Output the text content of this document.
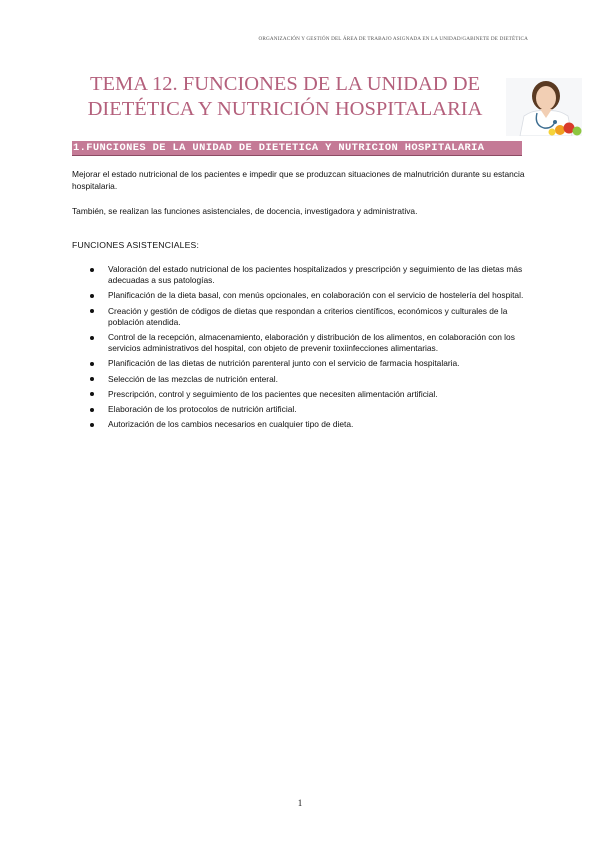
ORGANIZACIÓN Y GESTIÓN DEL ÁREA DE TRABAJO ASIGNADA EN LA UNIDAD/GABINETE DE DIETÉTICA
TEMA 12. FUNCIONES DE LA UNIDAD DE
DIETÉTICA Y NUTRICIÓN HOSPITALARIA
1.FUNCIONES DE LA UNIDAD DE DIETETICA Y NUTRICION HOSPITALARIA

Mejorar el estado nutricional de los pacientes e impedir que se produzcan situaciones de malnutrición durante su estancia hospitalaria.

También, se realizan las funciones asistenciales, de docencia, investigadora y administrativa.

FUNCIONES ASISTENCIALES:
Valoración del estado nutricional de los pacientes hospitalizados y prescripción y seguimiento de las dietas más adecuadas a sus patologías.
Planificación de la dieta basal, con menús opcionales, en colaboración con el servicio de hostelería del hospital.
Creación y gestión de códigos de dietas que respondan a criterios científicos, económicos y culturales de la población atendida.
Control de la recepción, almacenamiento, elaboración y distribución de los alimentos, en colaboración con los servicios administrativos del hospital, con objeto de prevenir toxiinfecciones alimentarias.
Planificación de las dietas de nutrición parenteral junto con el servicio de farmacia hospitalaria.
Selección de las mezclas de nutrición enteral.
Prescripción, control y seguimiento de los pacientes que necesiten alimentación artificial.
Elaboración de los protocolos de nutrición artificial.
Autorización de los cambios necesarios en cualquier tipo de dieta.
1
